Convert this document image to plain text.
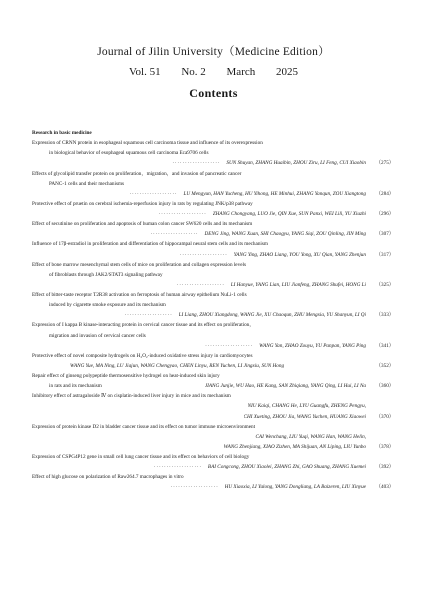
Journal of Jilin University（Medicine Edition）
Vol. 51 No. 2 March 2025
Contents
Research in basic medicine
Expression of CRNN protein in esophageal squamous cell carcinoma tissue and influence of its overexpression
in biological behavior of esophageal squamous cell carcinoma Eca9706 cells
··················· SUN Shuyan, ZHANG Huaibin, ZHOU Ziru, LI Feng, CUI Xiaobin	（275）
Effects of glycolipid transfer protein on proliferation，migration，and invasion of pancreatic cancer
PANC‐1 cells and their mechanisms
··················· LU Mengyun, HAN Yucheng, HU Yihong, HE Minhui, ZHANG Yanqun, ZOU Xiangtong	（284）
Protective effect of pruetin on cerebral ischemia‐reperfusion injury in rats by regulating JNK/p38 pathway
··················· ZHANG Chongyang, LUO Jie, QIN Xue, SUN Panxi, WEI Lili, YU Xiuzhi	（296）
Effect of secutinine on proliferation and apoptosis of human colon cancer SW620 cells and its mechanism
··················· DENG Jing, WANG Xuan, SHI Chaogyu, YANG Siqi, ZOU Qinling, JIN Ming	（307）
Influence of 17β‐estradiol in proliferation and differentiation of hippocampal neural stem cells and its mechanism
··················· YANG Ying, ZHAO Liang, YOU Yong, XU Qian, YANG Zhenjun	（317）
Effect of bone marrow mesenchymal stem cells of mice on proliferation and collagen expression levels
of fibroblasts through JAK2/STAT3 signaling pathway
··················· LI Hanyue, YANG Lian, LIU Jianfeng, ZHANG Shufei, HONG Li	（325）
Effect of bitter‐taste receptor T2R38 activation on ferroptosis of human airway epithelium NuLi‐1 cells
induced by cigarette smoke exposure and its mechanism
··················· LI Liang, ZHOU Xiangdong, WANG Jie, XU Chaoqun, ZHU Mengxia, YU Shanyun, LI Qi	（333）
Expression of I kappa B kinase‐interacting protein in cervical cancer tissue and its effect on proliferation，
migration and invasion of cervical cancer cells
··················· WANG Yan, ZHAO Zouyu, YU Panpan, YANG Ping	（341）
Protective effect of novel composite hydrogels on H₂O₂‐induced oxidative stress injury in cardiomyocytes
WANG Yue, MA Ning, LU Jiajun, WANG Chengyao, CHEN Linyu, REN Yuchen, LI Jingxiu, SUN Hong	（352）
Repair effect of ginseng polypeptide thermosensitive hydrogel on heat‐induced skin injury
in rats and its mechanism	JIANG Junjie, WU Hao, HE Kang, SAN Zhiqiang, YANG Qing, LI Hui, LI Na	（360）
Inhibitory effect of astragaloside Ⅳ on cisplatin‐induced liver injury in mice and its mechanism
NIU Kaiqi, CHANG He, LYU Guangfu, ZHENG Pengyu,
CHI Xueting, ZHOU Jia, WANG Yuchen, HUANG Xiaowei	（370）
Expression of protein kinase D2 in bladder cancer tissue and its effect on tumor immune microenvironment
CAI Wenchang, LIU Yuqi, WANG Han, WANG Helin,
WANG Zhenjiang, XIAO Zizhen, MA Shijuan, AN Liping, LIU Yunbo	（378）
Expression of CSPG4P12 gene in small cell lung cancer tissue and its effect on behaviors of cell biology
··················· BAI Congcong, ZHOU Xiaolei, ZHANG Zhi, GAO Shuang, ZHANG Xuemei	（392）
Effect of high glucose on polarization of Raw264.7 macrophages in vitro
··················· HU Xiaoxia, LI Yalong, YANG Dongliang, LA Baizeren, LIU Xinyue	（403）
